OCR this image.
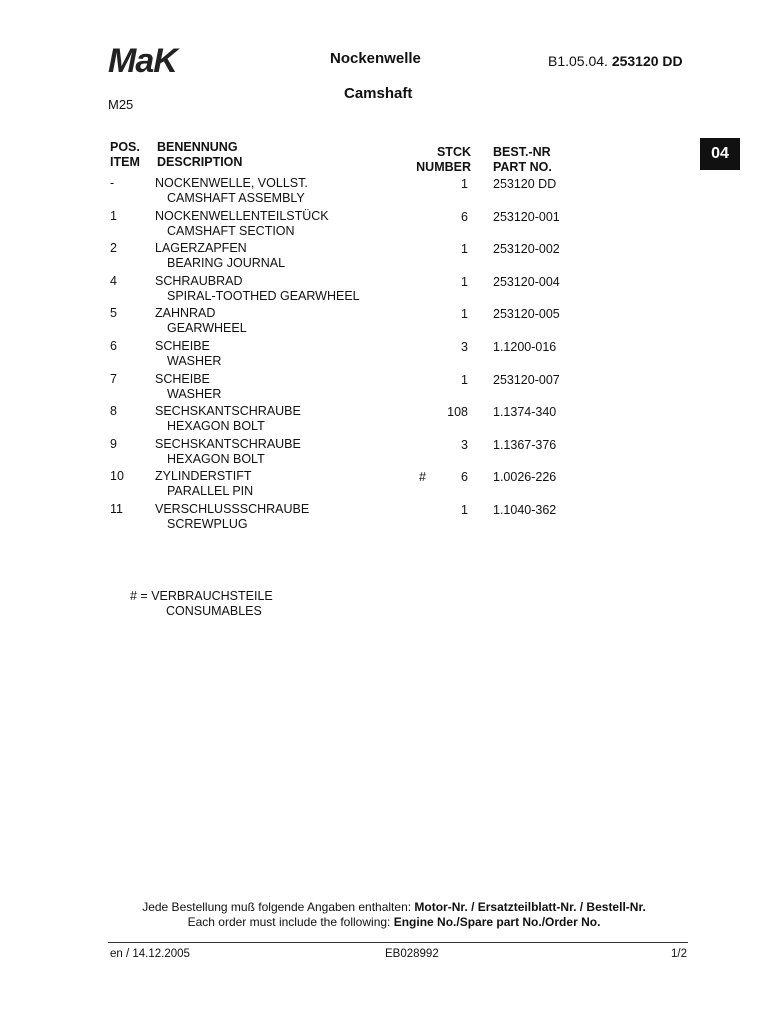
MaK	Nockenwelle
Camshaft
B1.05.04. 253120 DD
M25
04
POS.
ITEM
BENENNUNG
DESCRIPTION
STCK
NUMBER
BEST.-NR
PART NO.
-	NOCKENWELLE, VOLLST.
CAMSHAFT ASSEMBLY
1 253120 DD
1	NOCKENWELLENTEILSTÜCK
CAMSHAFT SECTION
6 253120-001
2	LAGERZAPFEN
BEARING JOURNAL
1 253120-002
4	SCHRAUBRAD
SPIRAL-TOOTHED GEARWHEEL
1 253120-004
5	ZAHNRAD
GEARWHEEL
1 253120-005
6	SCHEIBE
WASHER
3 1.1200-016
7	SCHEIBE
WASHER
1 253120-007
8	SECHSKANTSCHRAUBE
HEXAGON BOLT
108 1.1374-340
9	SECHSKANTSCHRAUBE
HEXAGON BOLT
3 1.1367-376
10 ZYLINDERSTIFT
PARALLEL PIN
#	6 1.0026-226
11	VERSCHLUSSSCHRAUBE
SCREWPLUG
1 1.1040-362
# = VERBRAUCHSTEILE
CONSUMABLES
Jede Bestellung muß folgende Angaben enthalten: Motor-Nr. / Ersatzteilblatt-Nr. / Bestell-Nr.
Each order must include the following: Engine No./Spare part No./Order No.
en / 14.12.2005	EB028992	1/2
